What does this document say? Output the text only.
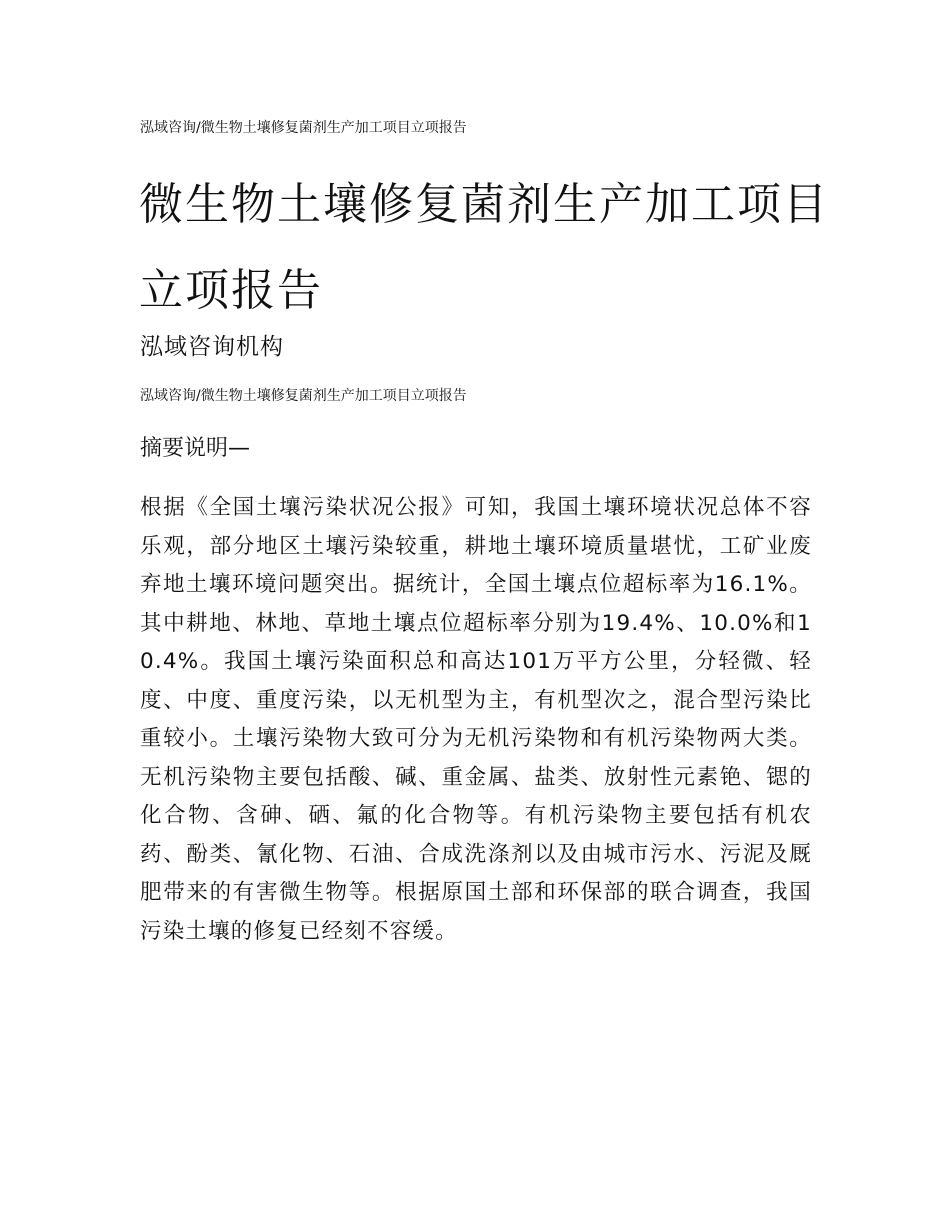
泓域咨询/微生物土壤修复菌剂生产加工项目立项报告
微生物土壤修复菌剂生产加工项目立项报告
泓域咨询机构
泓域咨询/微生物土壤修复菌剂生产加工项目立项报告
摘要说明—

根据《全国土壤污染状况公报》可知，我国土壤环境状况总体不容乐观，部分地区土壤污染较重，耕地土壤环境质量堪忧，工矿业废弃地土壤环境问题突出。据统计，全国土壤点位超标率为16.1%。其中耕地、林地、草地土壤点位超标率分别为19.4%、10.0%和10.4%。我国土壤污染面积总和高达101万平方公里，分轻微、轻度、中度、重度污染，以无机型为主，有机型次之，混合型污染比重较小。土壤污染物大致可分为无机污染物和有机污染物两大类。无机污染物主要包括酸、碱、重金属、盐类、放射性元素铯、锶的化合物、含砷、硒、氟的化合物等。有机污染物主要包括有机农药、酚类、氰化物、石油、合成洗涤剂以及由城市污水、污泥及厩肥带来的有害微生物等。根据原国土部和环保部的联合调查，我国污染土壤的修复已经刻不容缓。
